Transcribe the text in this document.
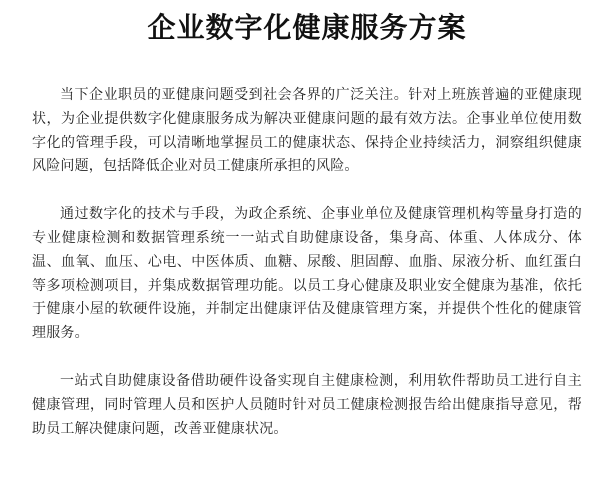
企业数字化健康服务方案

当下企业职员的亚健康问题受到社会各界的广泛关注。针对上班族普遍的亚健康现状，为企业提供数字化健康服务成为解决亚健康问题的最有效方法。企事业单位使用数字化的管理手段，可以清晰地掌握员工的健康状态、保持企业持续活力，洞察组织健康风险问题，包括降低企业对员工健康所承担的风险。

通过数字化的技术与手段，为政企系统、企事业单位及健康管理机构等量身打造的专业健康检测和数据管理系统一一站式自助健康设备，集身高、体重、人体成分、体温、血氧、血压、心电、中医体质、血糖、尿酸、胆固醇、血脂、尿液分析、血红蛋白等多项检测项目，并集成数据管理功能。以员工身心健康及职业安全健康为基准，依托于健康小屋的软硬件设施，并制定出健康评估及健康管理方案，并提供个性化的健康管理服务。

一站式自助健康设备借助硬件设备实现自主健康检测，利用软件帮助员工进行自主健康管理，同时管理人员和医护人员随时针对员工健康检测报告给出健康指导意见，帮助员工解决健康问题，改善亚健康状况。
